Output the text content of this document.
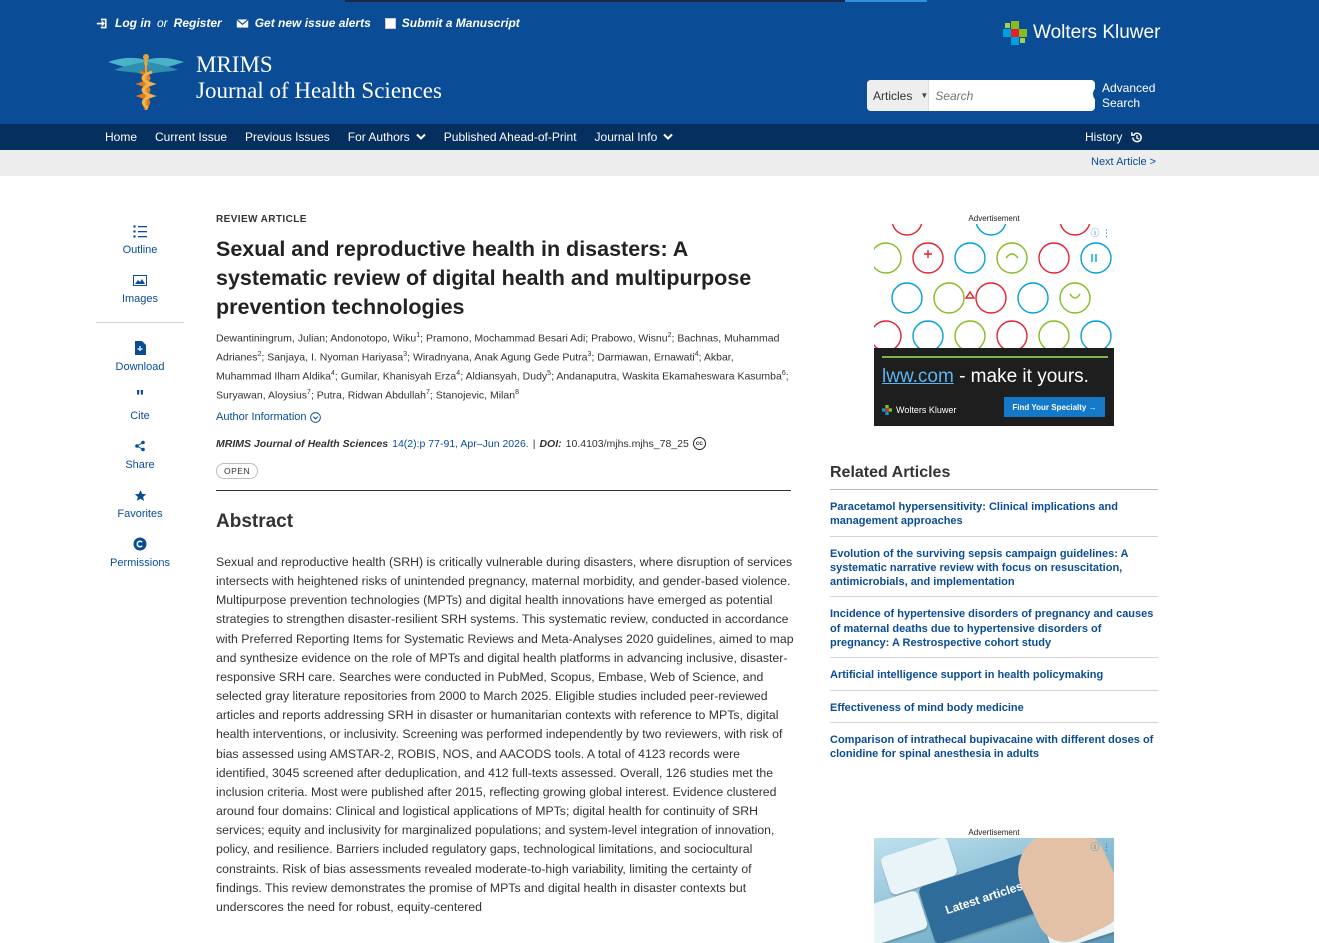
Log in or Register	Get new issue alerts	Submit a Manuscript
MRIMS
Journal of Health Sciences
Wolters Kluwer
Articles ▼
Search
Advanced
Search
Home Current Issue Previous Issues For Authors	Published Ahead-of-Print Journal Info	History
Next Article >
Outline
Images
Download
"
Cite
Share
Favorites
Permissions
REVIEW ARTICLE
Sexual and reproductive health in disasters: A systematic review of digital health and multipurpose prevention technologies
Dewantiningrum, Julian; Andonotopo, Wiku$^1$; Pramono, Mochammad Besari Adi; Prabowo, Wisnu$^2$; Bachnas, Muhammad Adrianes$^2$; Sanjaya, I. Nyoman Hariyasa$^3$; Wiradnyana, Anak Agung Gede Putra$^3$; Darmawan, Ernawati$^4$; Akbar, Muhammad Ilham Aldika$^4$; Gumilar, Khanisyah Erza$^4$; Aldiansyah, Dudy$^5$; Andanaputra, Waskita Ekamaheswara Kasumba$^6$; Suryawan, Aloysius$^7$; Putra, Ridwan Abdullah$^7$; Stanojevic, Milan$^8$
Author Information
MRIMS Journal of Health Sciences 14(2):p 77-91, Apr–Jun 2026. | DOI: 10.4103/mjhs.mjhs_78_25	cc
OPEN
Abstract

Sexual and reproductive health (SRH) is critically vulnerable during disasters, where disruption of services intersects with heightened risks of unintended pregnancy, maternal morbidity, and gender-based violence. Multipurpose prevention technologies (MPTs) and digital health innovations have emerged as potential strategies to strengthen disaster-resilient SRH systems. This systematic review, conducted in accordance with Preferred Reporting Items for Systematic Reviews and Meta-Analyses 2020 guidelines, aimed to map and synthesize evidence on the role of MPTs and digital health platforms in advancing inclusive, disaster-responsive SRH care. Searches were conducted in PubMed, Scopus, Embase, Web of Science, and selected gray literature repositories from 2000 to March 2025. Eligible studies included peer-reviewed articles and reports addressing SRH in disaster or humanitarian contexts with reference to MPTs, digital health interventions, or inclusivity. Screening was performed independently by two reviewers, with risk of bias assessed using AMSTAR-2, ROBIS, NOS, and AACODS tools. A total of 4123 records were identified, 3045 screened after deduplication, and 412 full-texts assessed. Overall, 126 studies met the inclusion criteria. Most were published after 2015, reflecting growing global interest. Evidence clustered around four domains: Clinical and logistical applications of MPTs; digital health for continuity of SRH services; equity and inclusivity for marginalized populations; and system-level integration of innovation, policy, and resilience. Barriers included regulatory gaps, technological limitations, and sociocultural constraints. Risk of bias assessments revealed moderate-to-high variability, limiting the certainty of findings. This review demonstrates the promise of MPTs and digital health in disaster contexts but underscores the need for robust, equity-centered

Advertisement
ⓘ ⋮
lww.com - make it yours.
Wolters Kluwer	Find Your Specialty →
Related Articles
Paracetamol hypersensitivity: Clinical implications and management approaches
Evolution of the surviving sepsis campaign guidelines: A systematic narrative review with focus on resuscitation, antimicrobials, and implementation
Incidence of hypertensive disorders of pregnancy and causes of maternal deaths due to hypertensive disorders of pregnancy: A Restrospective cohort study
Artificial intelligence support in health policymaking
Effectiveness of mind body medicine
Comparison of intrathecal bupivacaine with different doses of clonidine for spinal anesthesia in adults
Advertisement
Latest articles
ⓘ ⋮
